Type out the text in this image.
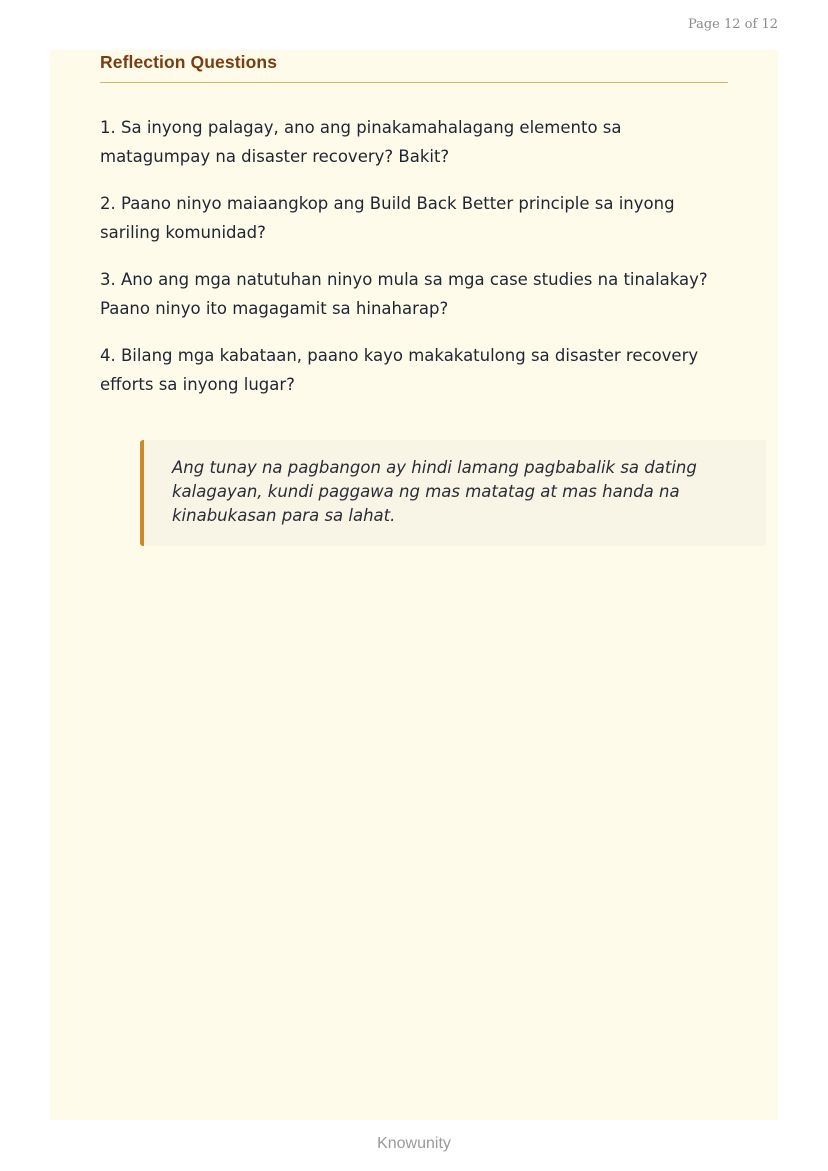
Page 12 of 12
Reflection Questions
1. Sa inyong palagay, ano ang pinakamahalagang elemento sa matagumpay na disaster recovery? Bakit?
2. Paano ninyo maiaangkop ang Build Back Better principle sa inyong sariling komunidad?
3. Ano ang mga natutuhan ninyo mula sa mga case studies na tinalakay? Paano ninyo ito magagamit sa hinaharap?
4. Bilang mga kabataan, paano kayo makakatulong sa disaster recovery efforts sa inyong lugar?

Ang tunay na pagbangon ay hindi lamang pagbabalik sa dating kalagayan, kundi paggawa ng mas matatag at mas handa na kinabukasan para sa lahat.

Knowunity
